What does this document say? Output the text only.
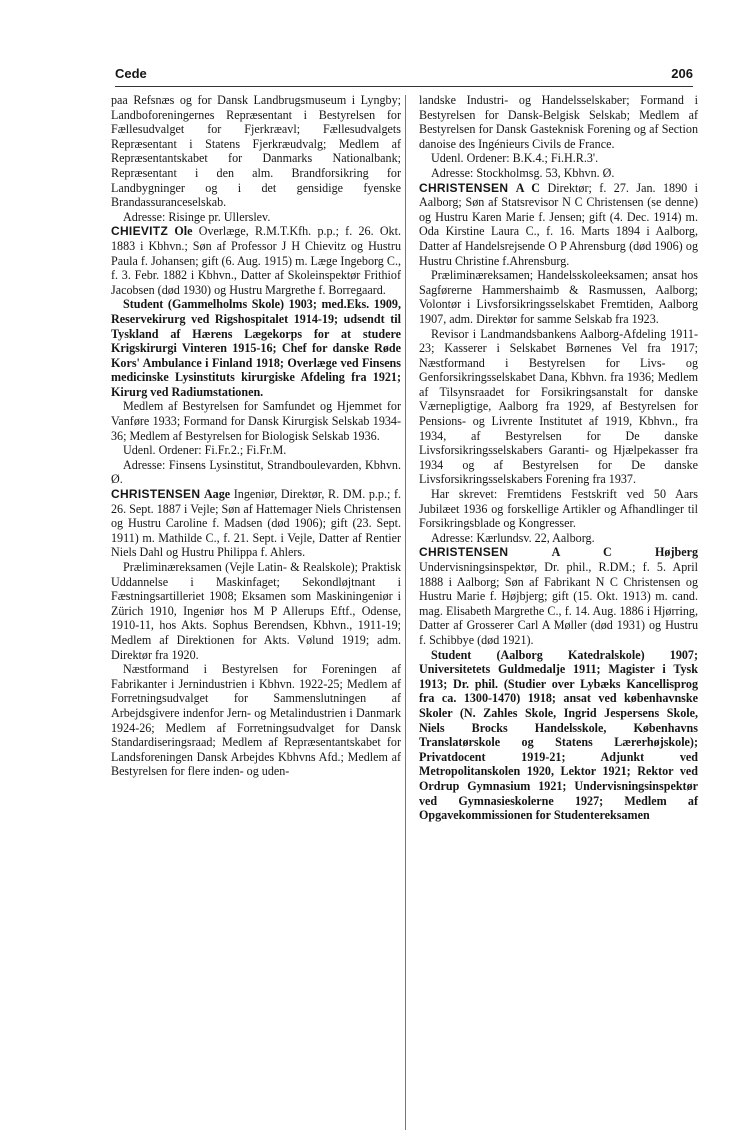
Cede	206

paa Refsnæs og for Dansk Landbrugsmuseum i Lyngby; Landboforeningernes Repræsentant i Bestyrelsen for Fællesudvalget for Fjerkræavl; Fællesudvalgets Repræsentant i Statens Fjerkræudvalg; Medlem af Repræsentantskabet for Danmarks Nationalbank; Repræsentant i den alm. Brandforsikring for Landbygninger og i det gensidige fyenske Brandassuranceselskab.

Adresse: Risinge pr. Ullerslev.

CHIEVITZ Ole Overlæge, R.M.T.Kfh. p.p.; f. 26. Okt. 1883 i Kbhvn.; Søn af Professor J H Chievitz og Hustru Paula f. Johansen; gift (6. Aug. 1915) m. Læge Ingeborg C., f. 3. Febr. 1882 i Kbhvn., Datter af Skoleinspektør Frithiof Jacobsen (død 1930) og Hustru Margrethe f. Borregaard.

Student (Gammelholms Skole) 1903; med.Eks. 1909, Reservekirurg ved Rigshospitalet 1914-19; udsendt til Tyskland af Hærens Lægekorps for at studere Krigskirurgi Vinteren 1915-16; Chef for danske Røde Kors' Ambulance i Finland 1918; Overlæge ved Finsens medicinske Lysinstituts kirurgiske Afdeling fra 1921; Kirurg ved Radiumstationen.

Medlem af Bestyrelsen for Samfundet og Hjemmet for Vanføre 1933; Formand for Dansk Kirurgisk Selskab 1934-36; Medlem af Bestyrelsen for Biologisk Selskab 1936.

Udenl. Ordener: Fi.Fr.2.; Fi.Fr.M.

Adresse: Finsens Lysinstitut, Strandboulevarden, Kbhvn. Ø.

CHRISTENSEN Aage Ingeniør, Direktør, R. DM. p.p.; f. 26. Sept. 1887 i Vejle; Søn af Hattemager Niels Christensen og Hustru Caroline f. Madsen (død 1906); gift (23. Sept. 1911) m. Mathilde C., f. 21. Sept. i Vejle, Datter af Rentier Niels Dahl og Hustru Philippa f. Ahlers.

Præliminæreksamen (Vejle Latin- & Realskole); Praktisk Uddannelse i Maskinfaget; Sekondløjtnant i Fæstningsartilleriet 1908; Eksamen som Maskiningeniør i Zürich 1910, Ingeniør hos M P Allerups Eftf., Odense, 1910-11, hos Akts. Sophus Berendsen, Kbhvn., 1911-19; Medlem af Direktionen for Akts. Vølund 1919; adm. Direktør fra 1920.

Næstformand i Bestyrelsen for Foreningen af Fabrikanter i Jernindustrien i Kbhvn. 1922-25; Medlem af Forretningsudvalget for Sammenslutningen af Arbejdsgivere indenfor Jern- og Metalindustrien i Danmark 1924-26; Medlem af Forretningsudvalget for Dansk Standardiseringsraad; Medlem af Repræsentantskabet for Landsforeningen Dansk Arbejdes Kbhvns Afd.; Medlem af Bestyrelsen for flere inden- og uden-

landske Industri- og Handelsselskaber; Formand i Bestyrelsen for Dansk-Belgisk Selskab; Medlem af Bestyrelsen for Dansk Gasteknisk Forening og af Section danoise des Ingénieurs Civils de France.

Udenl. Ordener: B.K.4.; Fi.H.R.3'.

Adresse: Stockholmsg. 53, Kbhvn. Ø.

CHRISTENSEN A C Direktør; f. 27. Jan. 1890 i Aalborg; Søn af Statsrevisor N C Christensen (se denne) og Hustru Karen Marie f. Jensen; gift (4. Dec. 1914) m. Oda Kirstine Laura C., f. 16. Marts 1894 i Aalborg, Datter af Handelsrejsende O P Ahrensburg (død 1906) og Hustru Christine f.Ahrensburg.

Præliminæreksamen; Handelsskoleeksamen; ansat hos Sagførerne Hammershaimb & Rasmussen, Aalborg; Volontør i Livsforsikringsselskabet Fremtiden, Aalborg 1907, adm. Direktør for samme Selskab fra 1923.

Revisor i Landmandsbankens Aalborg-Afdeling 1911-23; Kasserer i Selskabet Børnenes Vel fra 1917; Næstformand i Bestyrelsen for Livs- og Genforsikringsselskabet Dana, Kbhvn. fra 1936; Medlem af Tilsynsraadet for Forsikringsanstalt for danske Værnepligtige, Aalborg fra 1929, af Bestyrelsen for Pensions- og Livrente Institutet af 1919, Kbhvn., fra 1934, af Bestyrelsen for De danske Livsforsikringsselskabers Garanti- og Hjælpekasser fra 1934 og af Bestyrelsen for De danske Livsforsikringsselskabers Forening fra 1937.

Har skrevet: Fremtidens Festskrift ved 50 Aars Jubilæet 1936 og forskellige Artikler og Afhandlinger til Forsikringsblade og Kongresser.

Adresse: Kærlundsv. 22, Aalborg.

CHRISTENSEN	A C Højberg Undervisningsinspektør, Dr. phil., R.DM.; f. 5. April 1888 i Aalborg; Søn af Fabrikant N C Christensen og Hustru Marie f. Højbjerg; gift (15. Okt. 1913) m. cand. mag. Elisabeth Margrethe C., f. 14. Aug. 1886 i Hjørring, Datter af Grosserer Carl A Møller (død 1931) og Hustru f. Schibbye (død 1921).

Student (Aalborg Katedralskole) 1907; Universitetets Guldmedalje 1911; Magister i Tysk 1913; Dr. phil. (Studier over Lybæks Kancellisprog fra ca. 1300-1470) 1918; ansat ved københavnske Skoler (N. Zahles Skole, Ingrid Jespersens Skole, Niels Brocks Handelsskole, Københavns Translatørskole og Statens Lærerhøjskole); Privatdocent 1919-21; Adjunkt ved Metropolitanskolen 1920, Lektor 1921; Rektor ved Ordrup Gymnasium 1921; Undervisningsinspektør ved Gymnasieskolerne 1927; Medlem af Opgavekommissionen for Studentereksamen
